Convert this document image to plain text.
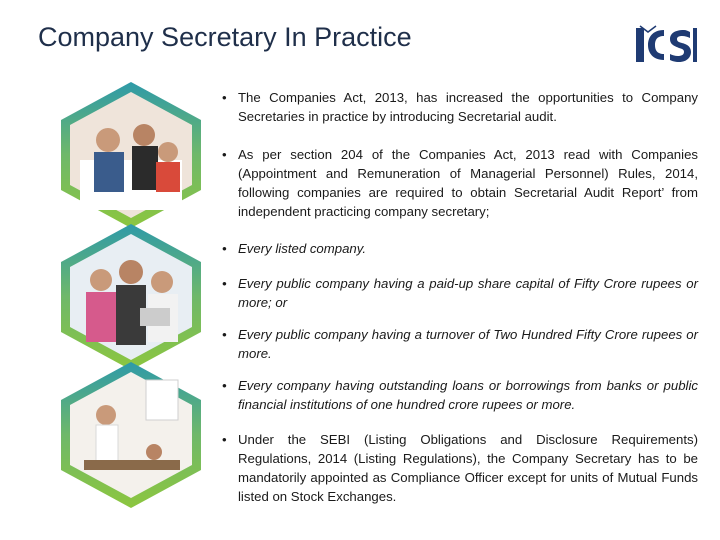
Company Secretary In Practice
• The Companies Act, 2013, has increased the opportunities to Company Secretaries in practice by introducing Secretarial audit.
• As per section 204 of the Companies Act, 2013 read with Companies (Appointment and Remuneration of Managerial Personnel) Rules, 2014, following companies are required to obtain Secretarial Audit Report’ from independent practicing company secretary;
• Every listed company.
• Every public company having a paid-up share capital of Fifty Crore rupees or more; or
• Every public company having a turnover of Two Hundred Fifty Crore rupees or more.
• Every company having outstanding loans or borrowings from banks or public financial institutions of one hundred crore rupees or more.
• Under the SEBI (Listing Obligations and Disclosure Requirements) Regulations, 2014 (Listing Regulations), the Company Secretary has to be mandatorily appointed as Compliance Officer except for units of Mutual Funds listed on Stock Exchanges.
